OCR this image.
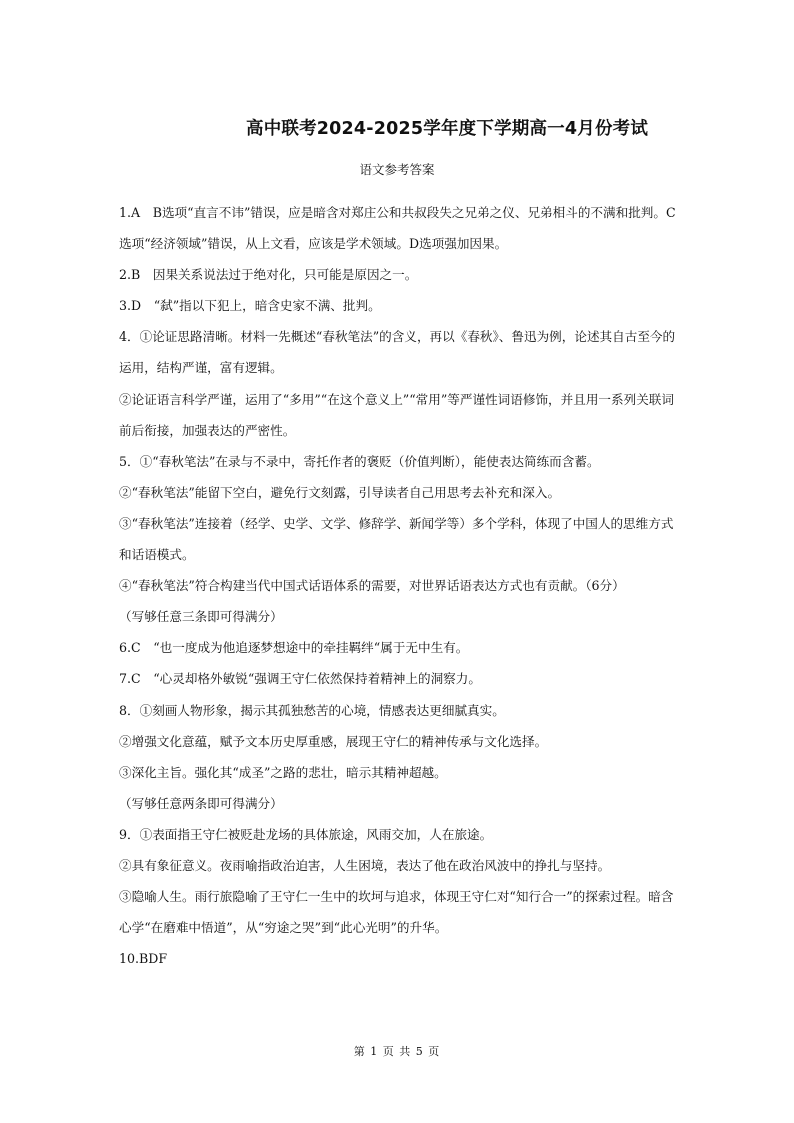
高中联考2024-2025学年度下学期高一4月份考试
语文参考答案

1.A　B选项“直言不讳”错误，应是暗含对郑庄公和共叔段失之兄弟之仪、兄弟相斗的不满和批判。C选项“经济领域”错误，从上文看，应该是学术领域。D选项强加因果。

2.B　因果关系说法过于绝对化，只可能是原因之一。

3.D　“弑”指以下犯上，暗含史家不满、批判。

4．①论证思路清晰。材料一先概述“春秋笔法”的含义，再以《春秋》、鲁迅为例，论述其自古至今的运用，结构严谨，富有逻辑。

②论证语言科学严谨，运用了“多用”“在这个意义上”“常用”等严谨性词语修饰，并且用一系列关联词前后衔接，加强表达的严密性。

5．①“春秋笔法”在录与不录中，寄托作者的褒贬（价值判断），能使表达简练而含蓄。

②“春秋笔法”能留下空白，避免行文刻露，引导读者自己用思考去补充和深入。

③“春秋笔法”连接着（经学、史学、文学、修辞学、新闻学等）多个学科，体现了中国人的思维方式和话语模式。

④“春秋笔法”符合构建当代中国式话语体系的需要，对世界话语表达方式也有贡献。（6分）

（写够任意三条即可得满分）

6.C　“也一度成为他追逐梦想途中的牵挂羁绊“属于无中生有。

7.C　“心灵却格外敏锐“强调王守仁依然保持着精神上的洞察力。

8．①刻画人物形象，揭示其孤独愁苦的心境，情感表达更细腻真实。

②增强文化意蕴，赋予文本历史厚重感，展现王守仁的精神传承与文化选择。

③深化主旨。强化其“成圣”之路的悲壮，暗示其精神超越。

（写够任意两条即可得满分）

9．①表面指王守仁被贬赴龙场的具体旅途，风雨交加，人在旅途。

②具有象征意义。夜雨喻指政治迫害，人生困境，表达了他在政治风波中的挣扎与坚持。

③隐喻人生。雨行旅隐喻了王守仁一生中的坎坷与追求，体现王守仁对“知行合一”的探索过程。暗含心学“在磨难中悟道”，从“穷途之哭”到“此心光明”的升华。

10.BDF

第 1 页 共 5 页
